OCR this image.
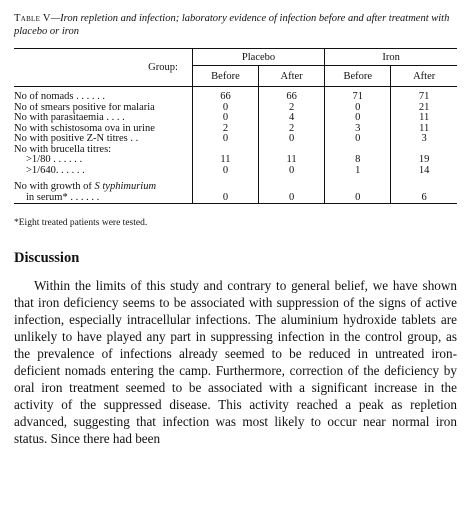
Table V—Iron repletion and infection; laboratory evidence of infection before and after treatment with placebo or iron

Group:	Placebo		Iron	
	Before	After	Before	After
No of nomads . . . . . .	66	66	71	71
No of smears positive for malaria	0	2	0	21
No with parasitaemia . . . .	0	4	0	11
No with schistosoma ova in urine	2	2	3	11
No with positive Z-N titres . .	0	0	0	3
No with brucella titres:				
>1/80 . . . . . .	11	11	8	19
>1/640. . . . . .	0	0	1	14

No with growth of S typhimurium				
in serum* . . . . . .	0	0	0	6

*Eight treated patients were tested.
Discussion

Within the limits of this study and contrary to general belief, we have shown that iron deficiency seems to be associated with suppression of the signs of active infection, especially intracellular infections. The aluminium hydroxide tablets are unlikely to have played any part in suppressing infection in the control group, as the prevalence of infections already seemed to be reduced in untreated iron-deficient nomads entering the camp. Furthermore, correction of the deficiency by oral iron treatment seemed to be associated with a significant increase in the activity of the suppressed disease. This activity reached a peak as repletion advanced, suggesting that infection was most likely to occur near normal iron status. Since there had been
